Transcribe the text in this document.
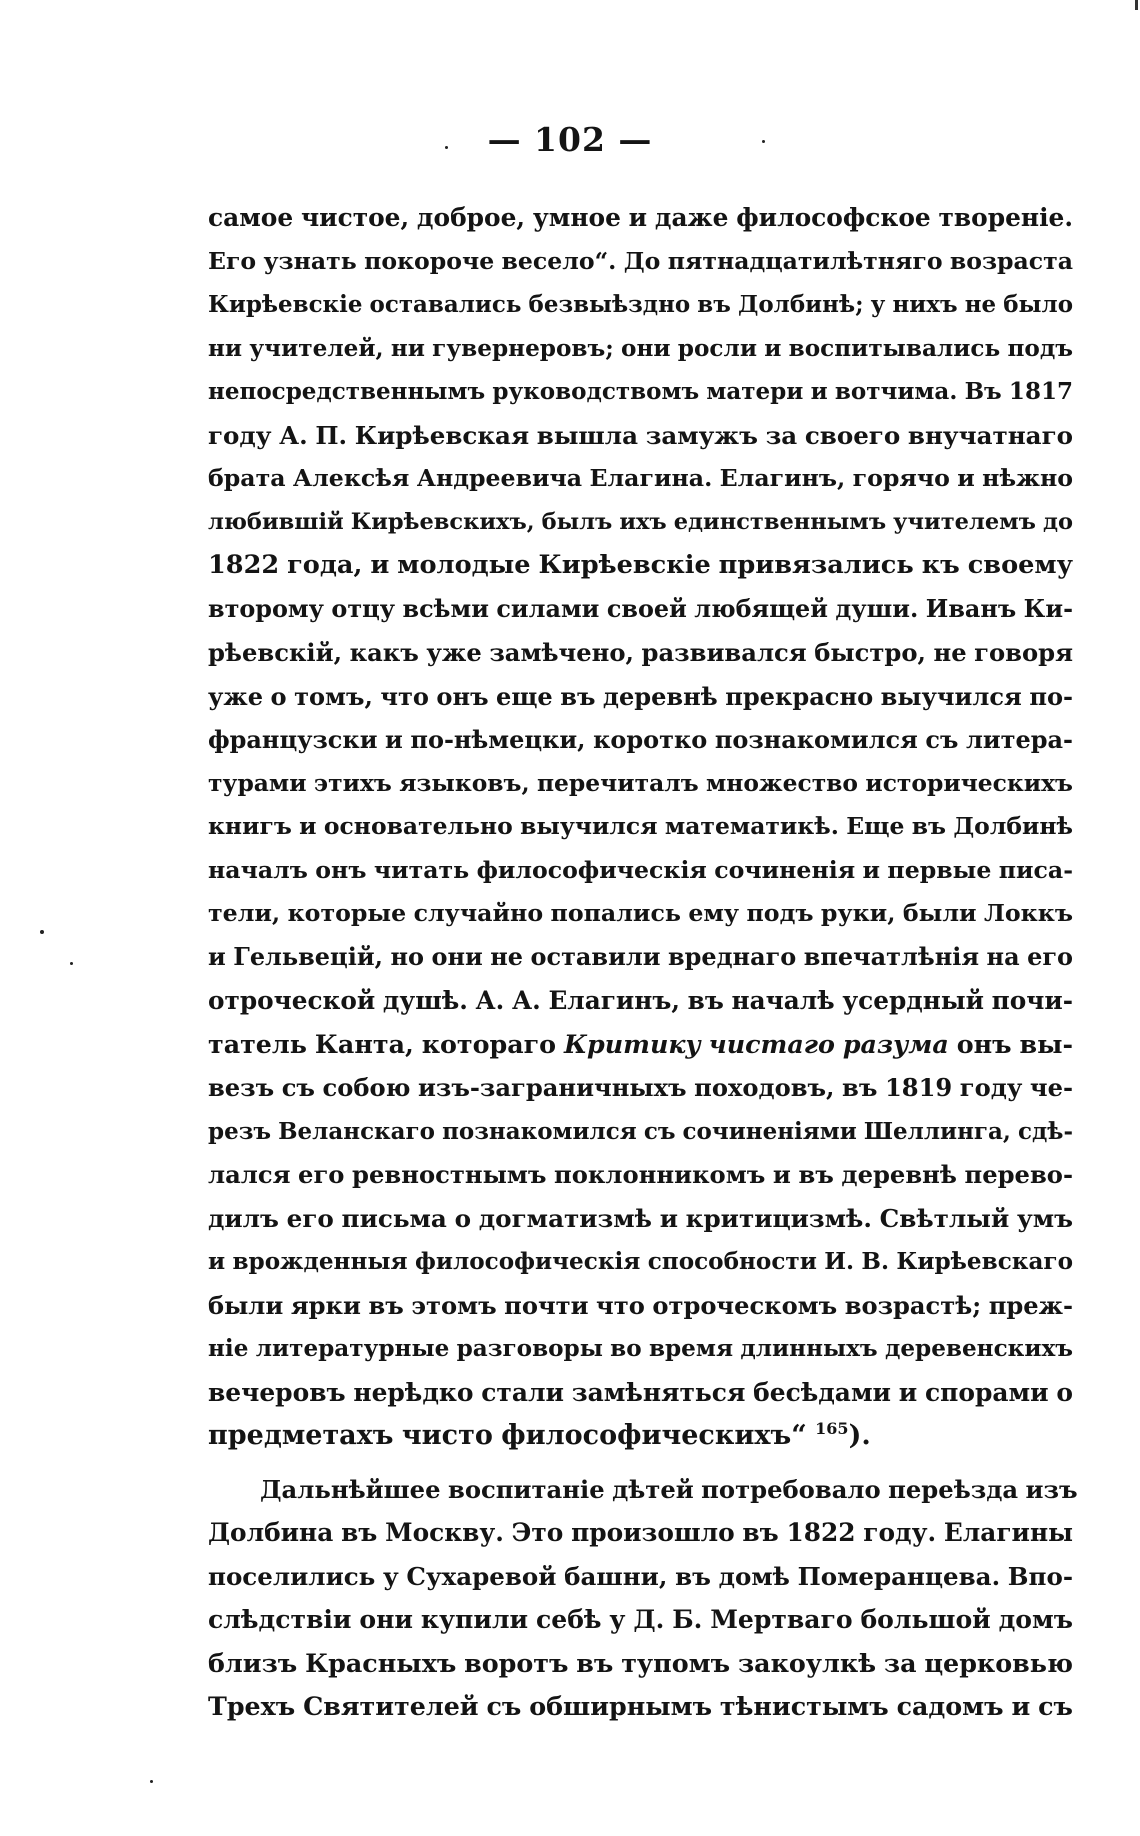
— 102 —
самое чистое, доброе, умное и даже философское творенiе.
Его узнать покороче весело“. До пятнадцатилѣтняго возраста
Кирѣевскiе оставались безвыѣздно въ Долбинѣ; у нихъ не было
ни учителей, ни гувернеровъ; они росли и воспитывались подъ
непосредственнымъ руководствомъ матери и вотчима. Въ 1817
году А. П. Кирѣевская вышла замужъ за своего внучатнаго
брата Алексѣя Андреевича Елагина. Елагинъ, горячо и нѣжно
любившiй Кирѣевскихъ, былъ ихъ единственнымъ учителемъ до
1822 года, и молодые Кирѣевскiе привязались къ своему
второму отцу всѣми силами своей любящей души. Иванъ Ки-
рѣевскiй, какъ уже замѣчено, развивался быстро, не говоря
уже о томъ, что онъ еще въ деревнѣ прекрасно выучился по-
французски и по-нѣмецки, коротко познакомился съ литера-
турами этихъ языковъ, перечиталъ множество историческихъ
книгъ и основательно выучился математикѣ. Еще въ Долбинѣ
началъ онъ читать философическiя сочиненiя и первые писа-
тели, которые случайно попались ему подъ руки, были Локкъ
и Гельвецiй, но они не оставили вреднаго впечатлѣнiя на его
отроческой душѣ. А. А. Елагинъ, въ началѣ усердный почи-
татель Канта, котораго Критику чистаго разума онъ вы-
везъ съ собою изъ-заграничныхъ походовъ, въ 1819 году че-
резъ Веланскаго познакомился съ сочиненiями Шеллинга, сдѣ-
лался его ревностнымъ поклонникомъ и въ деревнѣ перево-
дилъ его письма о догматизмѣ и критицизмѣ. Свѣтлый умъ
и врожденныя философическiя способности И. В. Кирѣевскаго
были ярки въ этомъ почти что отроческомъ возрастѣ; преж-
нiе литературные разговоры во время длинныхъ деревенскихъ
вечеровъ нерѣдко стали замѣняться бесѣдами и спорами о
предметахъ чисто философическихъ“ $^{165}$).
Дальнѣйшее воспитанiе дѣтей потребовало переѣзда изъ
Долбина въ Москву. Это произошло въ 1822 году. Елагины
поселились у Сухаревой башни, въ домѣ Померанцева. Впо-
слѣдствiи они купили себѣ у Д. Б. Мертваго большой домъ
близъ Красныхъ воротъ въ тупомъ закоулкѣ за церковью
Трехъ Святителей съ обширнымъ тѣнистымъ садомъ и съ
